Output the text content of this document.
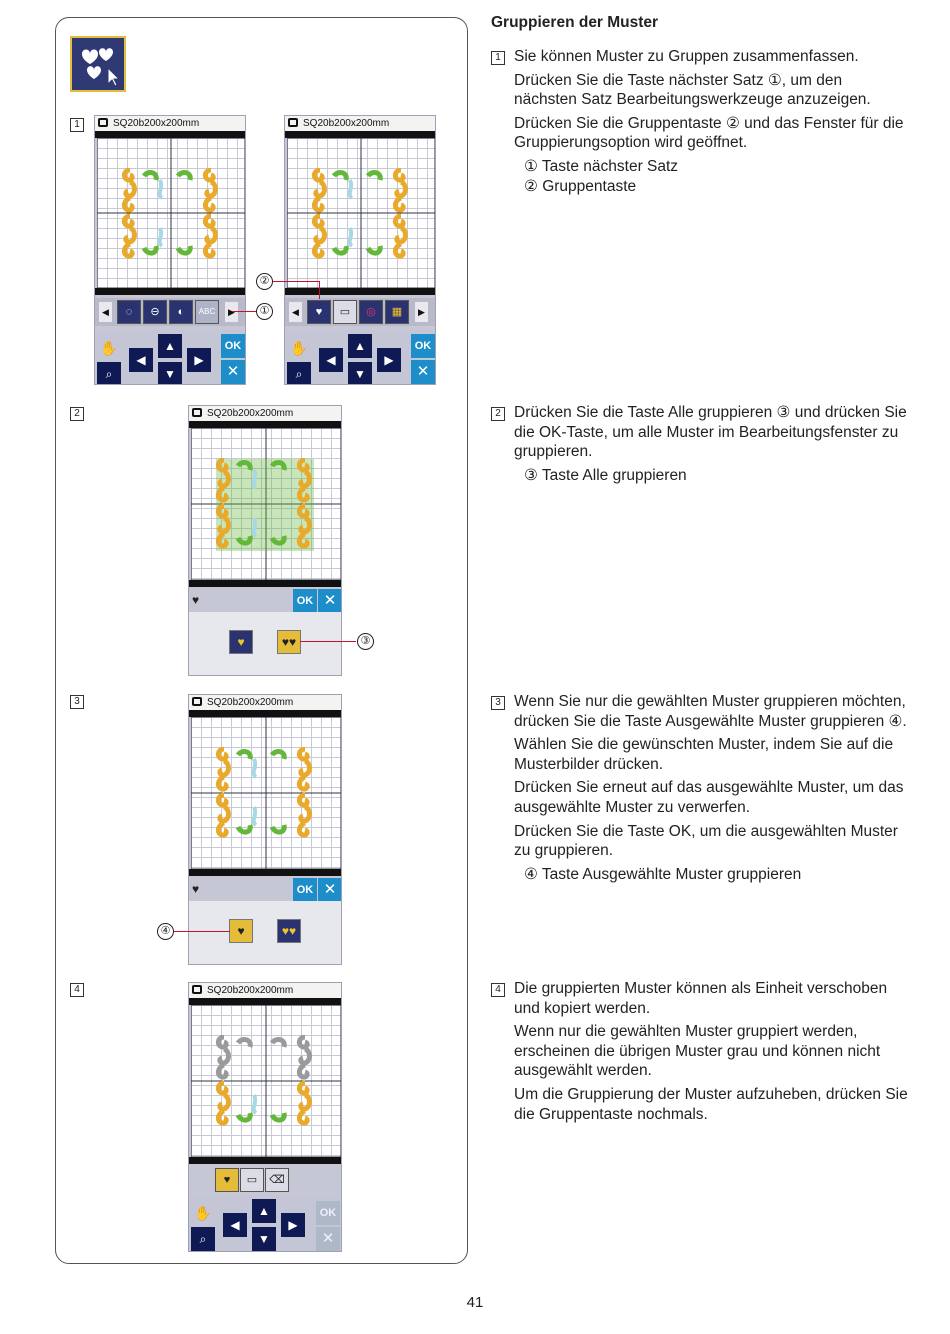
1
2
3
4
SQ20b200x200mm
◀	◌	⊖	◐	ABC	▶
✋
⌕
◀
▲
▼
▶
OK
✕
①
SQ20b200x200mm
◀	♥	▭	◎	▦	▶
✋
⌕
◀
▲
▼
▶
OK
✕
②
SQ20b200x200mm
♥	OK ✕
♥	♥♥	③
SQ20b200x200mm
♥	OK ✕
♥	♥♥
④
SQ20b200x200mm
♥	▭	⌫
✋
⌕
◀
▲
▼
▶
OK
✕
Gruppieren der Muster
1 Sie können Muster zu Gruppen zusammenfassen.

Drücken Sie die Taste nächster Satz ①, um den nächsten Satz Bearbeitungswerkzeuge anzuzeigen.

Drücken Sie die Gruppentaste ② und das Fenster für die Gruppierungsoption wird geöffnet.

① Taste nächster Satz

② Gruppentaste

2 Drücken Sie die Taste Alle gruppieren ③ und drücken Sie die OK-Taste, um alle Muster im Bearbeitungsfenster zu gruppieren.

③ Taste Alle gruppieren

3 Wenn Sie nur die gewählten Muster gruppieren möchten, drücken Sie die Taste Ausgewählte Muster gruppieren ④.

Wählen Sie die gewünschten Muster, indem Sie auf die Musterbilder drücken.

Drücken Sie erneut auf das ausgewählte Muster, um das ausgewählte Muster zu verwerfen.

Drücken Sie die Taste OK, um die ausgewählten Muster zu gruppieren.

④ Taste Ausgewählte Muster gruppieren

4 Die gruppierten Muster können als Einheit verschoben und kopiert werden.

Wenn nur die gewählten Muster gruppiert werden, erscheinen die übrigen Muster grau und können nicht ausgewählt werden.

Um die Gruppierung der Muster aufzuheben, drücken Sie die Gruppentaste nochmals.

41
